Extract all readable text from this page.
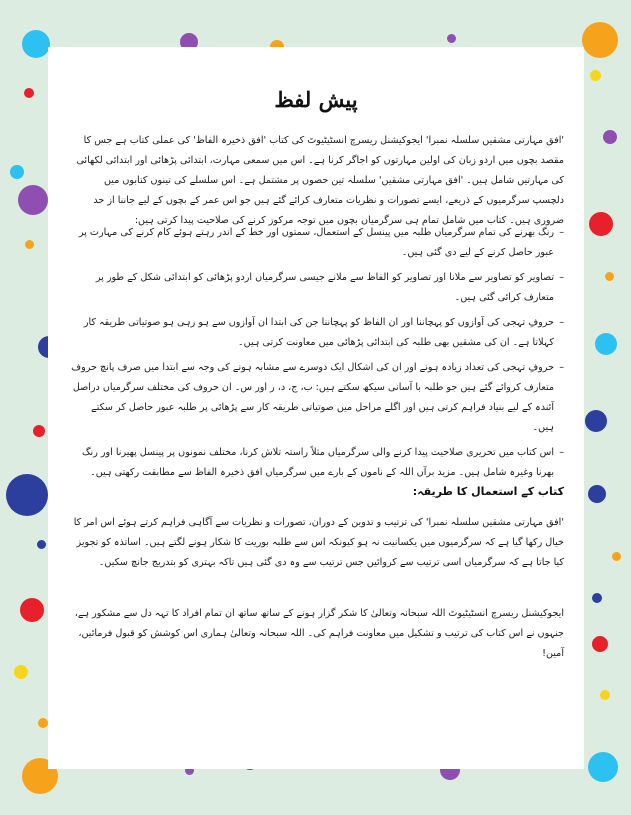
پیش لفظ
'افق مہارتی مشقیں سلسلہ نمبرا' ایجوکیشنل ریسرچ انسٹیٹیوٹ کی کتاب 'افق ذخیرہ الفاظ' کی عملی کتاب ہے جس کا مقصد بچوں میں اردو زبان کی اولین مہارتوں کو اجاگر کرنا ہے۔ اس میں سمعی مہارت، ابتدائی پڑھائی اور ابتدائی لکھائی کی مہارتیں شامل ہیں۔ 'افق مہارتی مشقیں' سلسلہ تین حصوں پر مشتمل ہے۔ اس سلسلے کی تینوں کتابوں میں دلچسپ سرگرمیوں کے ذریعے، ایسے تصورات و نظریات متعارف کرائے گئے ہیں جو اس عمر کے بچوں کے لیے جاننا از حد ضروری ہیں۔ کتاب میں شامل تمام ہی سرگرمیاں بچوں میں توجہ مرکوز کرنے کی صلاحیت پیدا کرتی ہیں:
– رنگ بھرنے کی تمام سرگرمیاں طلبہ میں پینسل کے استعمال، سمتوں اور خط کے اندر رہتے ہوئے کام کرنے کی مہارت پر عبور حاصل کرنے کے لیے دی گئی ہیں۔
– تصاویر کو تصاویر سے ملانا اور تصاویر کو الفاظ سے ملانے جیسی سرگرمیاں اردو پڑھائی کو ابتدائی شکل کے طور پر متعارف کرائی گئی ہیں۔
– حروفِ تہجی کی آوازوں کو پہچاننا اور ان الفاظ کو پہچاننا جن کی ابتدا ان آوازوں سے ہو رہی ہو صوتیاتی طریقہ کار کہلاتا ہے۔ ان کی مشقیں بھی طلبہ کی ابتدائی پڑھائی میں معاونت کرتی ہیں۔
– حروفِ تہجی کی تعداد زیادہ ہونے اور ان کی اشکال ایک دوسرے سے مشابہ ہونے کی وجہ سے ابتدا میں صرف پانچ حروف متعارف کروائے گئے ہیں جو طلبہ با آسانی سیکھ سکتے ہیں: ب، ج، د، ر اور س۔ ان حروف کی مختلف سرگرمیاں دراصل آئندہ کے لیے بنیاد فراہم کرتی ہیں اور اگلے مراحل میں صوتیاتی طریقہ کار سے پڑھائی پر طلبہ عبور حاصل کر سکتے ہیں۔
– اس کتاب میں تحریری صلاحیت پیدا کرنے والی سرگرمیاں مثلاً راستہ تلاش کرنا، مختلف نمونوں پر پینسل پھیرنا اور رنگ بھرنا وغیرہ شامل ہیں۔ مزید برآں اللہ کے ناموں کے بارے میں سرگرمیاں افق ذخیرہ الفاظ سے مطابقت رکھتی ہیں۔
کتاب کے استعمال کا طریقہ:
'افق مہارتی مشقیں سلسلہ نمبرا' کی ترتیب و تدوین کے دوران، تصورات و نظریات سے آگاہی فراہم کرتے ہوئے اس امر کا خیال رکھا گیا ہے کہ سرگرمیوں میں یکسانیت نہ ہو کیونکہ اس سے طلبہ بوریت کا شکار ہونے لگتے ہیں۔ اساتذہ کو تجویز کیا جاتا ہے کہ سرگرمیاں اسی ترتیب سے کروائیں جس ترتیب سے وہ دی گئی ہیں تاکہ بہتری کو بتدریج جانچ سکیں۔
ایجوکیشنل ریسرچ انسٹیٹیوٹ اللہ سبحانہ وتعالیٰ کا شکر گزار ہونے کے ساتھ ساتھ ان تمام افراد کا تہہ دل سے مشکور ہے، جنہوں نے اس کتاب کی ترتیب و تشکیل میں معاونت فراہم کی۔ اللہ سبحانہ وتعالیٰ ہماری اس کوشش کو قبول فرمائیں، آمین!
